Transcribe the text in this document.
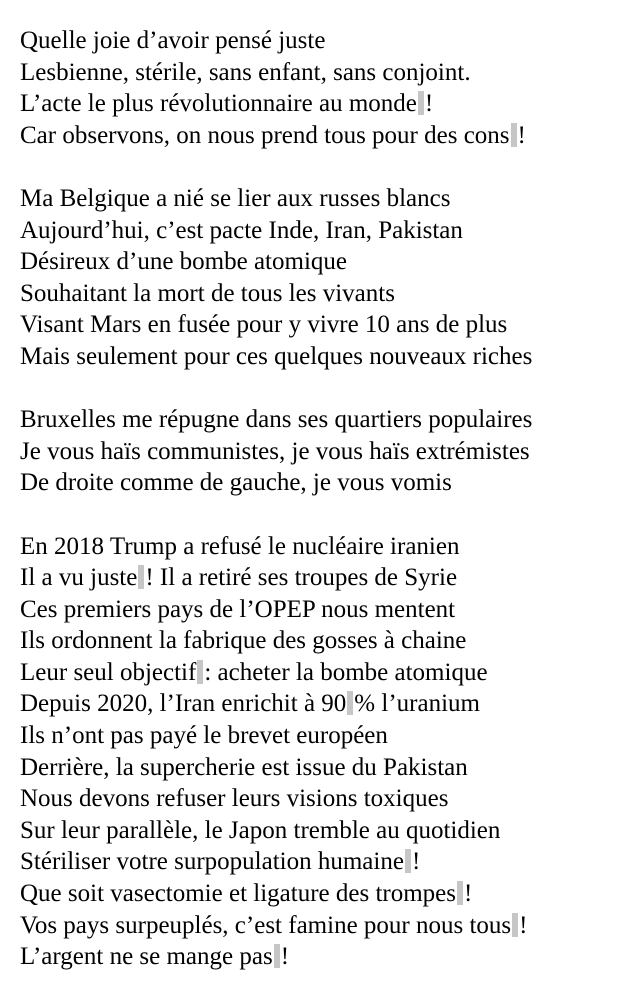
Quelle joie d’avoir pensé juste
Lesbienne, stérile, sans enfant, sans conjoint.
L’acte le plus révolutionnaire au monde !
Car observons, on nous prend tous pour des cons !
Ma Belgique a nié se lier aux russes blancs
Aujourd’hui, c’est pacte Inde, Iran, Pakistan
Désireux d’une bombe atomique
Souhaitant la mort de tous les vivants
Visant Mars en fusée pour y vivre 10 ans de plus
Mais seulement pour ces quelques nouveaux riches
Bruxelles me répugne dans ses quartiers populaires
Je vous haïs communistes, je vous haïs extrémistes
De droite comme de gauche, je vous vomis
En 2018 Trump a refusé le nucléaire iranien
Il a vu juste ! Il a retiré ses troupes de Syrie
Ces premiers pays de l’OPEP nous mentent
Ils ordonnent la fabrique des gosses à chaine
Leur seul objectif : acheter la bombe atomique
Depuis 2020, l’Iran enrichit à 90 % l’uranium
Ils n’ont pas payé le brevet européen
Derrière, la supercherie est issue du Pakistan
Nous devons refuser leurs visions toxiques
Sur leur parallèle, le Japon tremble au quotidien
Stériliser votre surpopulation humaine !
Que soit vasectomie et ligature des trompes !
Vos pays surpeuplés, c’est famine pour nous tous !
L’argent ne se mange pas !
